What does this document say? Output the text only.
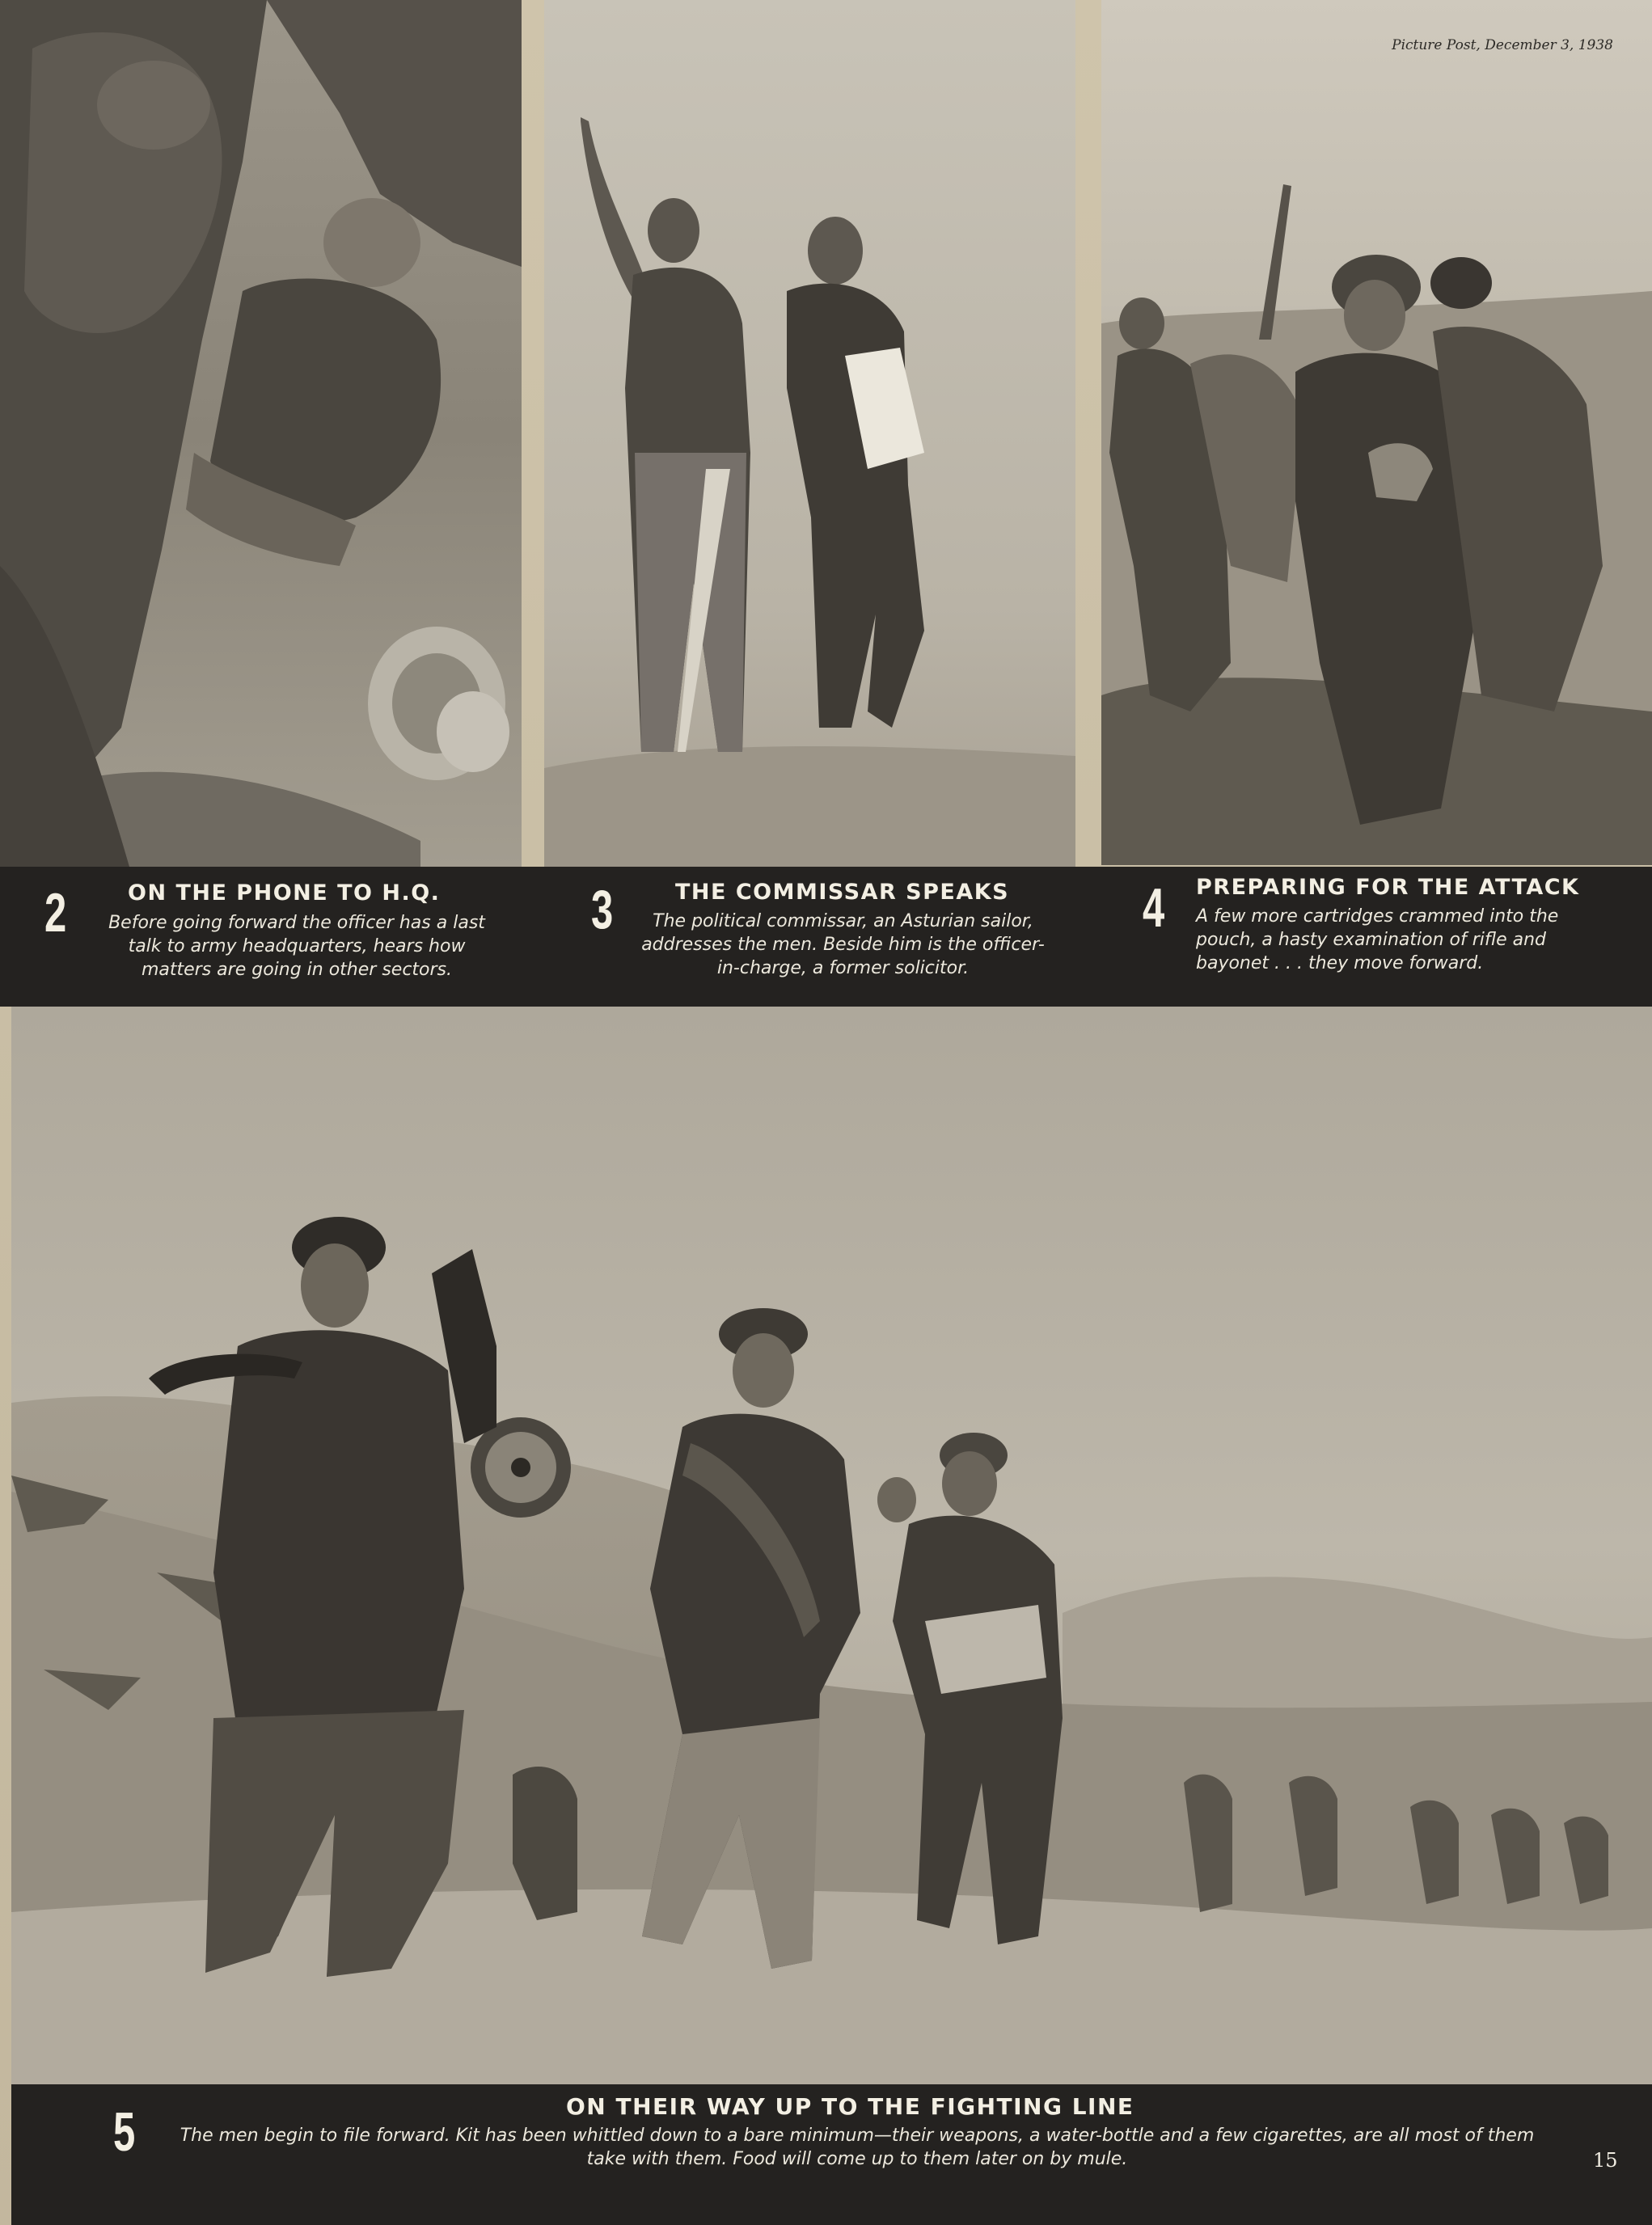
2	ON THE PHONE TO H.Q.
Before going forward the officer has a last talk to army headquarters, hears how matters are going in other sectors.
3	THE COMMISSAR SPEAKS
The political commissar, an Asturian sailor, addresses the men. Beside him is the officer-in-charge, a former solicitor.
4 PREPARING FOR THE ATTACK
A few more cartridges crammed into the pouch, a hasty examination of rifle and bayonet . . . they move forward.
5	ON THEIR WAY UP TO THE FIGHTING LINE
The men begin to file forward. Kit has been whittled down to a bare minimum—their weapons, a water-bottle and a few cigarettes, are all most of them take with them. Food will come up to them later on by mule.	15
Picture Post, December 3, 1938
